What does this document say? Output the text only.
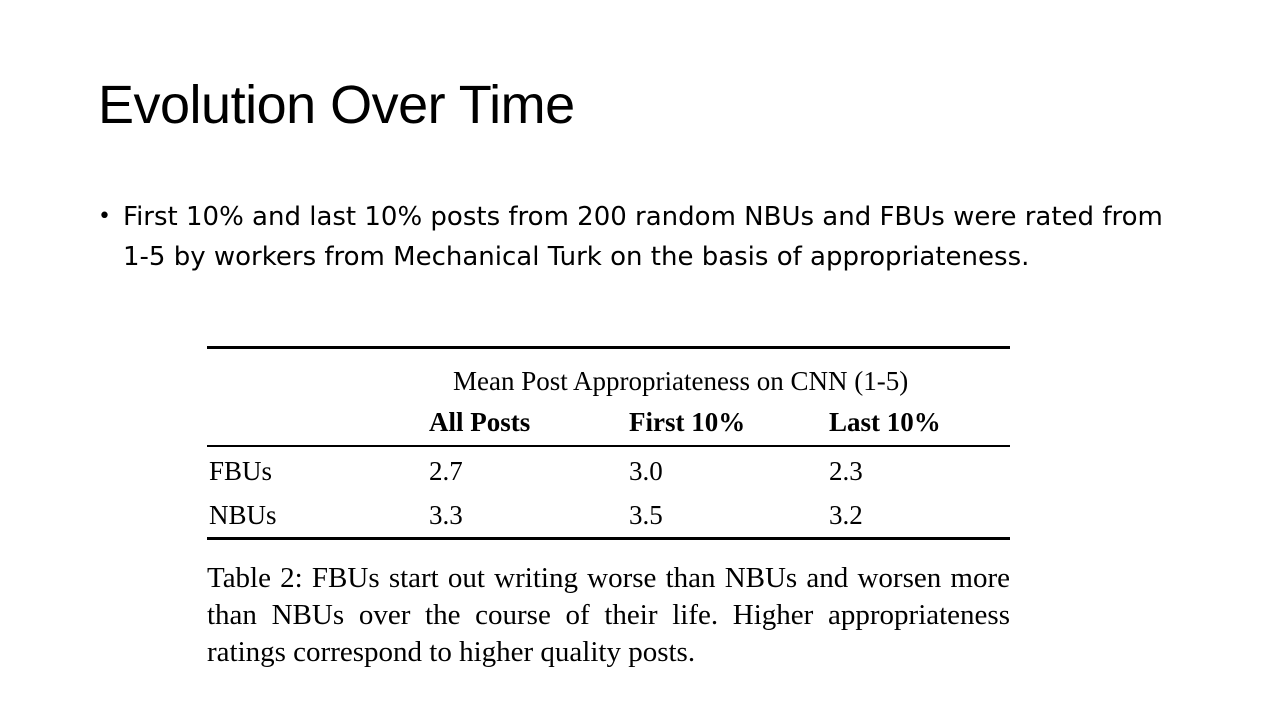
Evolution Over Time
• First 10% and last 10% posts from 200 random NBUs and FBUs were rated from 1-5 by workers from Mechanical Turk on the basis of appropriateness.
Mean Post Appropriateness on CNN (1-5)
All Posts	First 10%	Last 10%
FBUs	2.7	3.0	2.3
NBUs	3.3	3.5	3.2
Table 2: FBUs start out writing worse than NBUs and worsen more than NBUs over the course of their life. Higher appropriateness ratings correspond to higher quality posts.
